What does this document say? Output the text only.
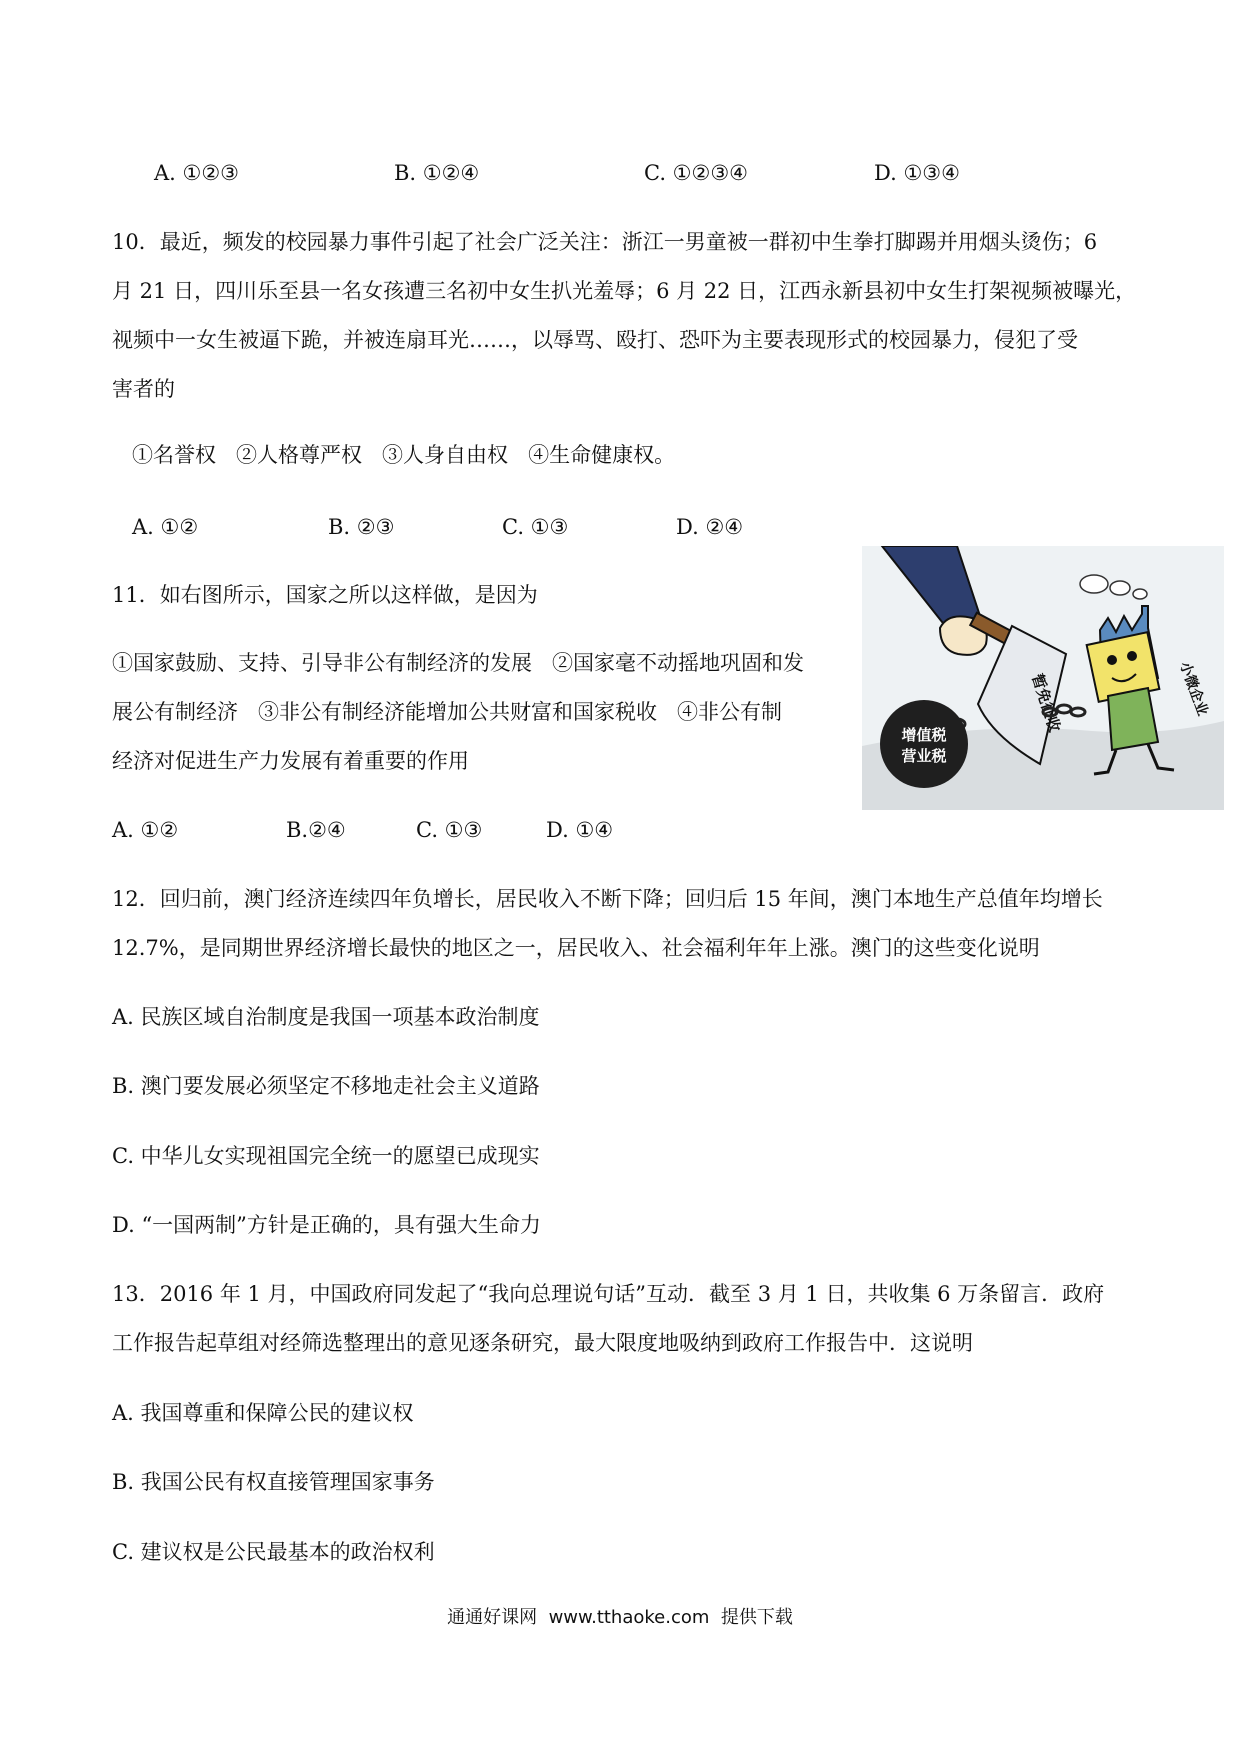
A. ①②③	B. ①②④	C. ①②③④	D. ①③④
10．最近，频发的校园暴力事件引起了社会广泛关注：浙江一男童被一群初中生拳打脚踢并用烟头烫伤；6
月 21 日，四川乐至县一名女孩遭三名初中女生扒光羞辱；6 月 22 日，江西永新县初中女生打架视频被曝光，
视频中一女生被逼下跪，并被连扇耳光……，以辱骂、殴打、恐吓为主要表现形式的校园暴力，侵犯了受
害者的
①名誉权   ②人格尊严权   ③人身自由权   ④生命健康权。
A. ①②	B. ②③	C. ①③	D. ②④
11．如右图所示，国家之所以这样做，是因为
①国家鼓励、支持、引导非公有制经济的发展   ②国家毫不动摇地巩固和发
展公有制经济   ③非公有制经济能增加公共财富和国家税收   ④非公有制
经济对促进生产力发展有着重要的作用
A. ①②	B.②④	C. ①③	D. ①④
暂免征收
增值税
营业税
小微企业
12．回归前，澳门经济连续四年负增长，居民收入不断下降；回归后 15 年间，澳门本地生产总值年均增长
12.7%，是同期世界经济增长最快的地区之一，居民收入、社会福利年年上涨。澳门的这些变化说明
A. 民族区域自治制度是我国一项基本政治制度
B. 澳门要发展必须坚定不移地走社会主义道路
C. 中华儿女实现祖国完全统一的愿望已成现实
D. “一国两制”方针是正确的，具有强大生命力
13．2016 年 1 月，中国政府同发起了“我向总理说句话”互动．截至 3 月 1 日，共收集 6 万条留言．政府
工作报告起草组对经筛选整理出的意见逐条研究，最大限度地吸纳到政府工作报告中．这说明
A. 我国尊重和保障公民的建议权
B. 我国公民有权直接管理国家事务
C. 建议权是公民最基本的政治权利
通通好课网  www.tthaoke.com  提供下载
